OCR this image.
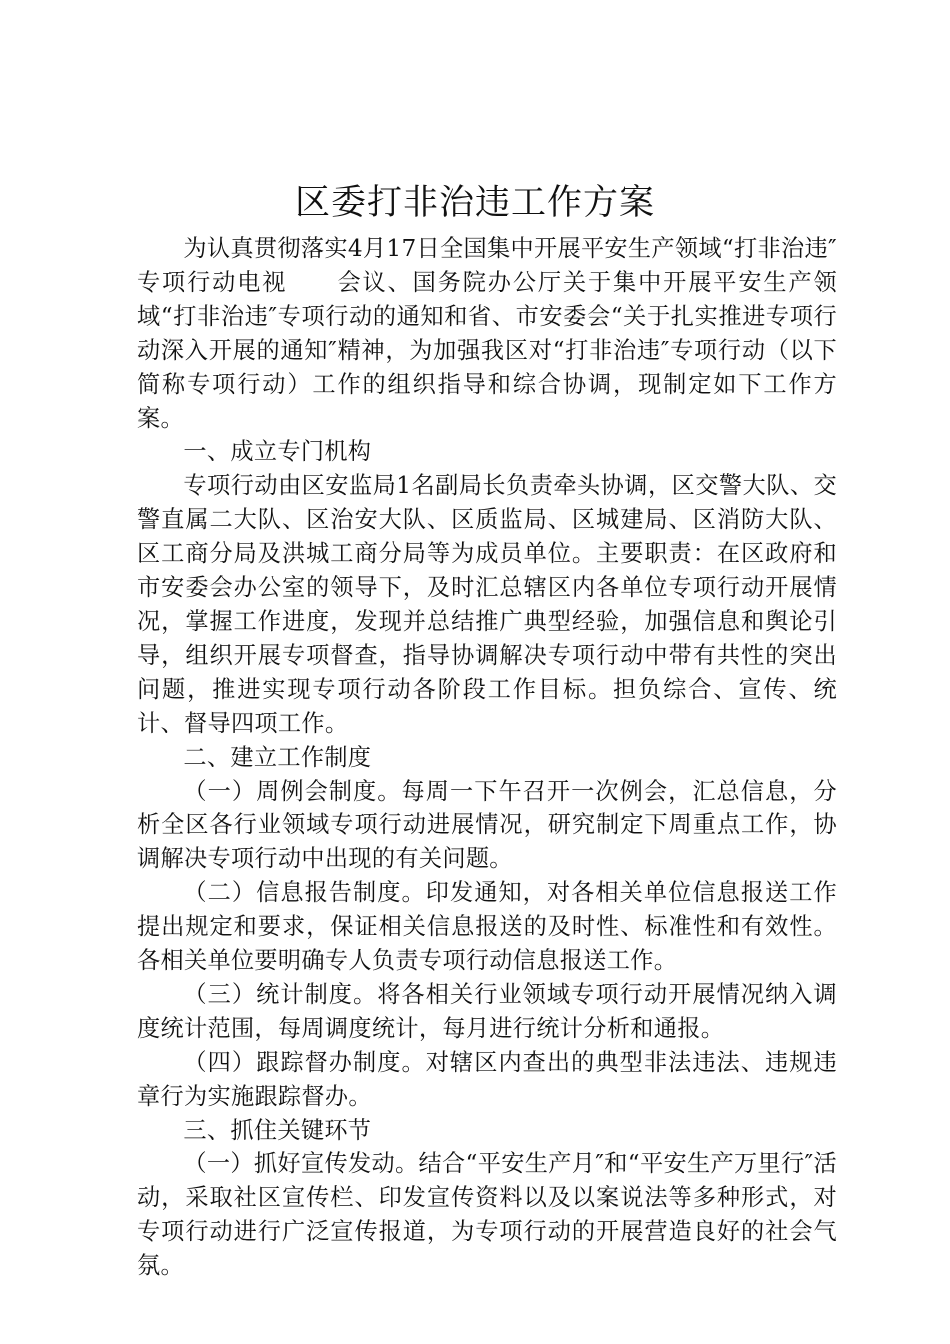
区委打非治违工作方案

为认真贯彻落实4月17日全国集中开展平安生产领域“打非治违″专项行动电视　　会议、国务院办公厅关于集中开展平安生产领域“打非治违″专项行动的通知和省、市安委会“关于扎实推进专项行动深入开展的通知″精神，为加强我区对“打非治违″专项行动（以下简称专项行动）工作的组织指导和综合协调，现制定如下工作方案。

一、成立专门机构

专项行动由区安监局1名副局长负责牵头协调，区交警大队、交警直属二大队、区治安大队、区质监局、区城建局、区消防大队、区工商分局及洪城工商分局等为成员单位。主要职责：在区政府和市安委会办公室的领导下，及时汇总辖区内各单位专项行动开展情况，掌握工作进度，发现并总结推广典型经验，加强信息和舆论引导，组织开展专项督查，指导协调解决专项行动中带有共性的突出问题，推进实现专项行动各阶段工作目标。担负综合、宣传、统计、督导四项工作。

二、建立工作制度

（一）周例会制度。每周一下午召开一次例会，汇总信息，分析全区各行业领域专项行动进展情况，研究制定下周重点工作，协调解决专项行动中出现的有关问题。

（二）信息报告制度。印发通知，对各相关单位信息报送工作提出规定和要求，保证相关信息报送的及时性、标准性和有效性。各相关单位要明确专人负责专项行动信息报送工作。

（三）统计制度。将各相关行业领域专项行动开展情况纳入调度统计范围，每周调度统计，每月进行统计分析和通报。

（四）跟踪督办制度。对辖区内查出的典型非法违法、违规违章行为实施跟踪督办。

三、抓住关键环节

（一）抓好宣传发动。结合“平安生产月″和“平安生产万里行″活动，采取社区宣传栏、印发宣传资料以及以案说法等多种形式，对专项行动进行广泛宣传报道，为专项行动的开展营造良好的社会气氛。
